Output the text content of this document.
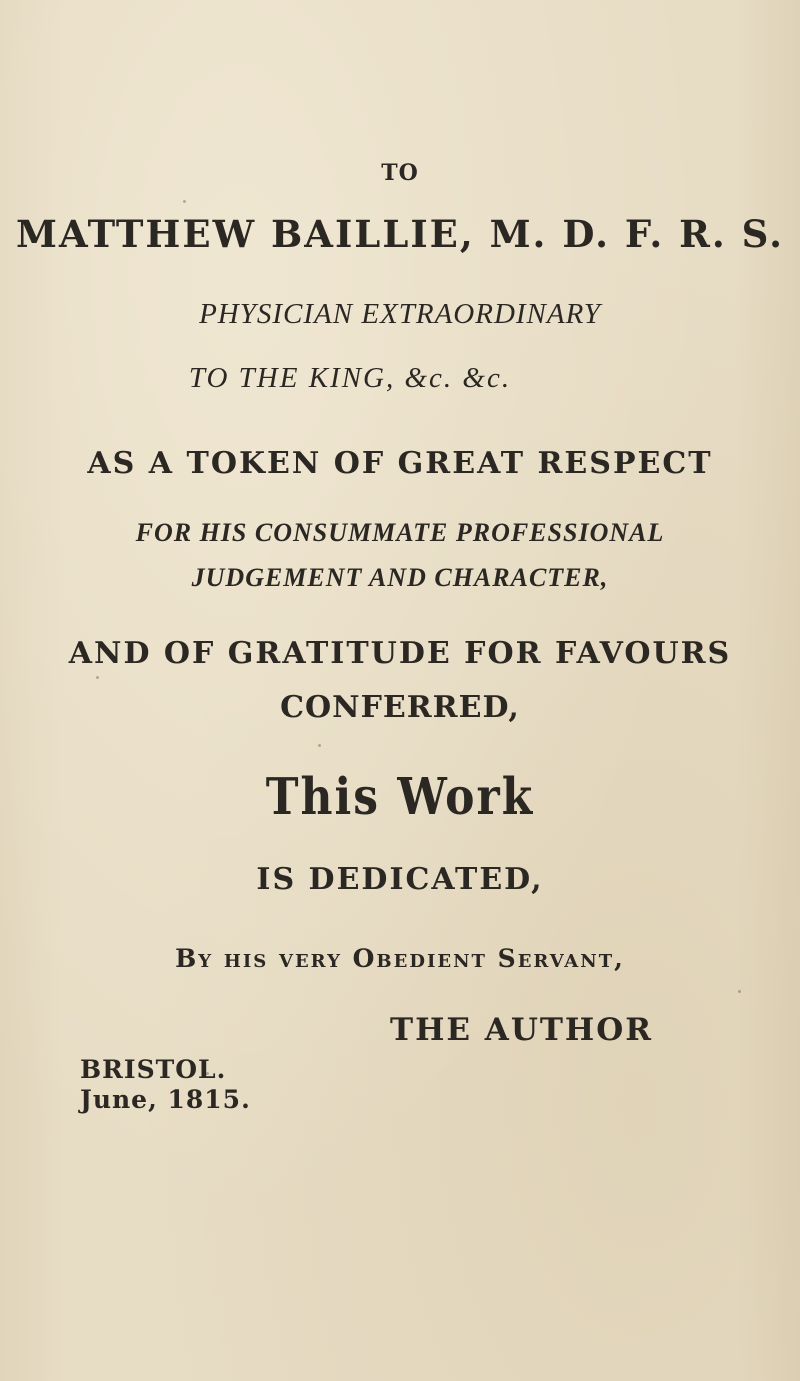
TO
MATTHEW BAILLIE, M. D. F. R. S.
PHYSICIAN EXTRAORDINARY
TO THE KING, &c. &c.
AS A TOKEN OF GREAT RESPECT
FOR HIS CONSUMMATE PROFESSIONAL
JUDGEMENT AND CHARACTER,
AND OF GRATITUDE FOR FAVOURS
CONFERRED,
This Work
IS DEDICATED,
By his very Obedient Servant,
THE AUTHOR
BRISTOL.
June, 1815.
